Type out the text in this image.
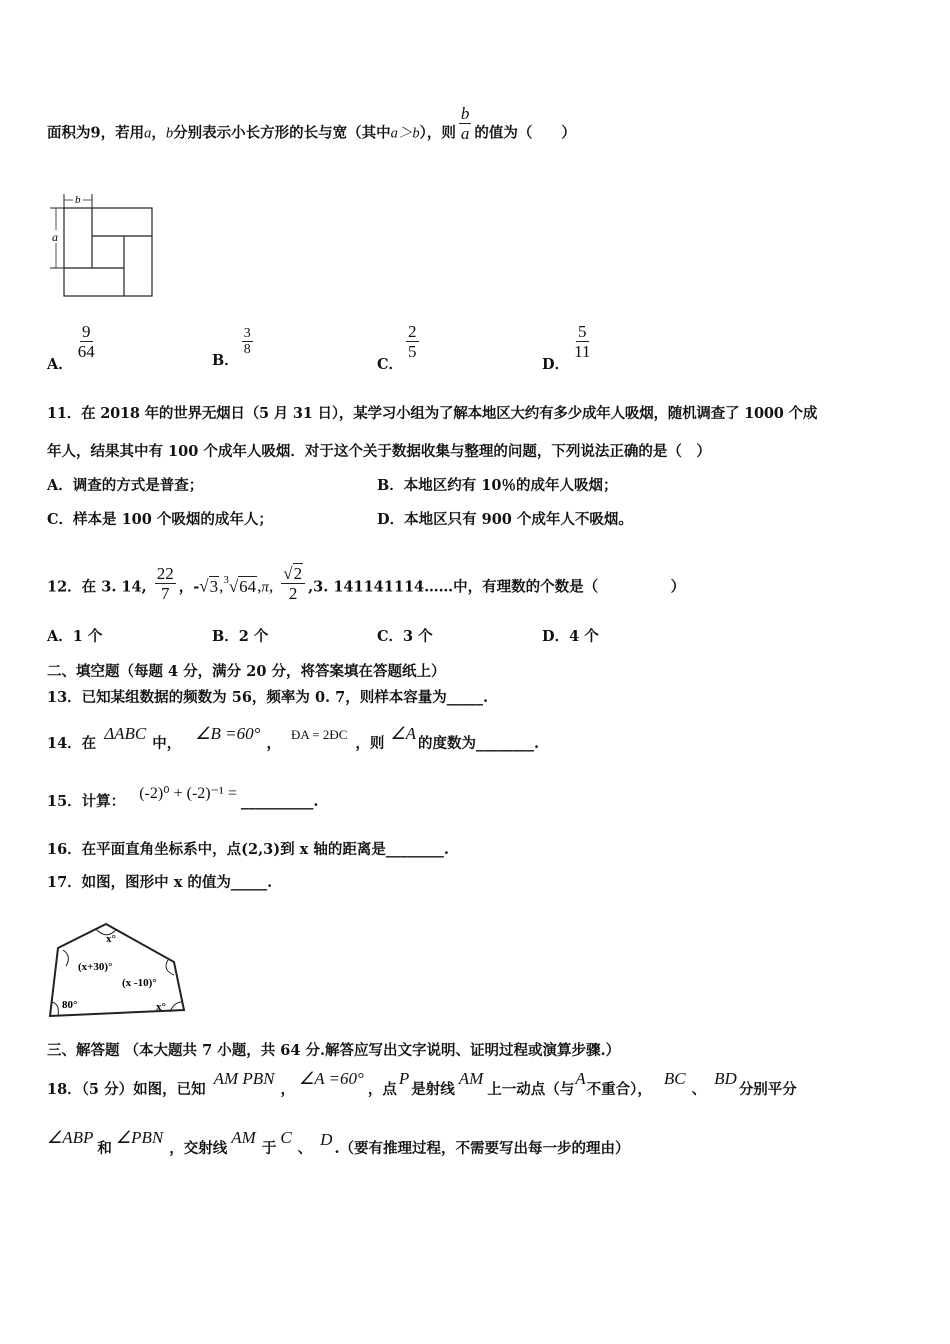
面积为9，若用a，b分别表示小长方形的长与宽（其中a＞b），则 $\frac{b}{a}$ 的值为（　　）
b
a
A．
$\frac{9}{64}$	B．
$\frac{3}{8}$
C．
$\frac{2}{5}$
D．
$\frac{5}{11}$
11．在 2018 年的世界无烟日（5 月 31 日），某学习小组为了解本地区大约有多少成年人吸烟，随机调查了 1000 个成
年人，结果其中有 100 个成年人吸烟．对于这个关于数据收集与整理的问题，下列说法正确的是（　）
A．调查的方式是普查；	B．本地区约有 10％的成年人吸烟；
C．样本是 100 个吸烟的成年人；	D．本地区只有 900 个成年人不吸烟。
12．在 3. 14, $\frac{22}{7}$ ，-√3,$^3$√64,π, $\frac{√2}{2} ,3$. 141141114……中，有理数的个数是（　　　　　）
A．1 个	B．2 个	C．3 个	D．4 个
二、填空题（每题 4 分，满分 20 分，将答案填在答题纸上）
13．已知某组数据的频数为 56，频率为 0. 7，则样本容量为_____.
14．在ΔABC中，∠B =60°，ÐA = 2ÐC，则∠A的度数为________.
15．计算： (-2)⁰ + (-2)⁻¹ = __________.
16．在平面直角坐标系中，点(2,3)到 x 轴的距离是________.
17．如图，图形中 x 的值为_____.
x°
(x+30)°
(x -10)°
80°	x°
三、解答题 （本大题共 7 小题，共 64 分.解答应写出文字说明、证明过程或演算步骤.）
18．（5 分）如图，已知AM PBN，∠A =60°，点P是射线AM上一动点（与A不重合），BC、BD分别平分
∠ABP和∠PBN，交射线AM于C、 D .（要有推理过程，不需要写出每一步的理由）
